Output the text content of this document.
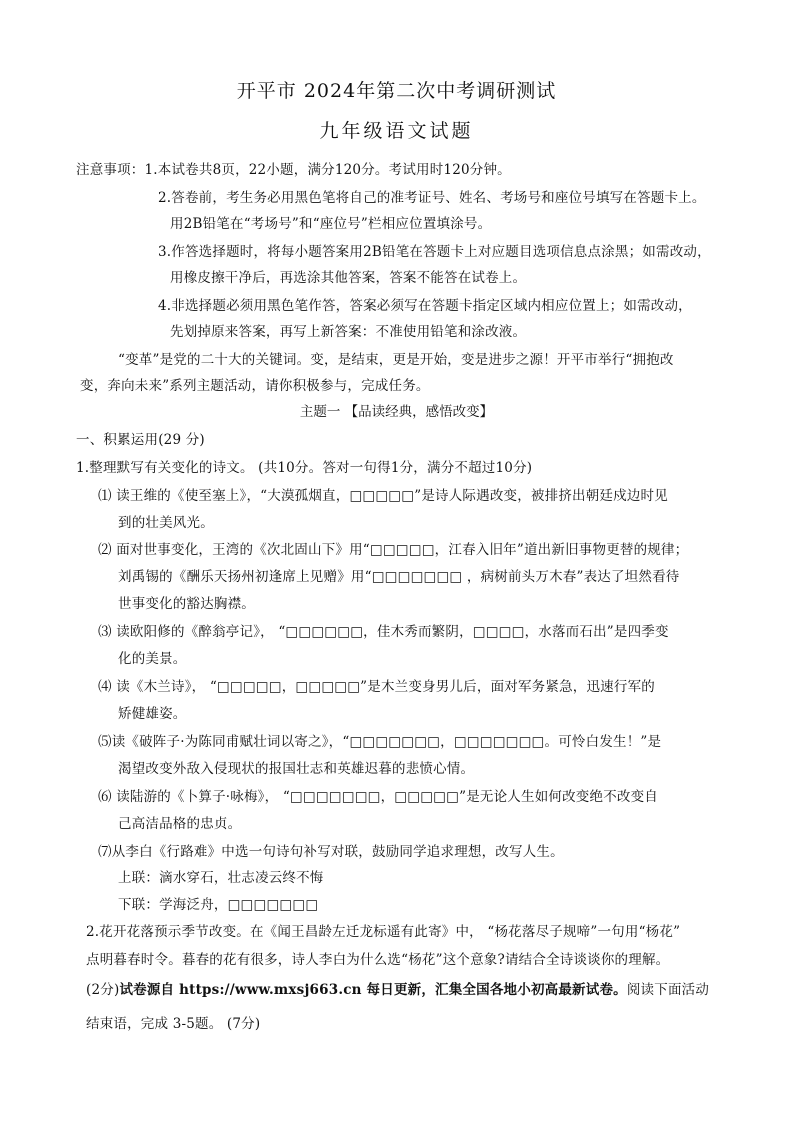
开平市 2024年第二次中考调研测试
九年级语文试题
注意事项：1.本试卷共8页，22小题，满分120分。考试用时120分钟。
2.答卷前，考生务必用黑色笔将自己的准考证号、姓名、考场号和座位号填写在答题卡上。
用2B铅笔在“考场号”和“座位号”栏相应位置填涂号。
3.作答选择题时，将每小题答案用2B铅笔在答题卡上对应题目选项信息点涂黑；如需改动，
用橡皮擦干净后，再选涂其他答案，答案不能答在试卷上。
4.非选择题必须用黑色笔作答，答案必须写在答题卡指定区域内相应位置上；如需改动，
先划掉原来答案，再写上新答案：不准使用铅笔和涂改液。
“变革”是党的二十大的关键词。变，是结束，更是开始，变是进步之源！开平市举行“拥抱改
变，奔向未来”系列主题活动，请你积极参与，完成任务。
主题一 【品读经典，感悟改变】
一、积累运用(29 分)
1.整理默写有关变化的诗文。 (共10分。答对一句得1分，满分不超过10分)
⑴ 读王维的《使至塞上》，“大漠孤烟直，□□□□□”是诗人际遇改变，被排挤出朝廷戍边时见
到的壮美风光。
⑵ 面对世事变化，王湾的《次北固山下》用“□□□□□，江春入旧年”道出新旧事物更替的规律；
刘禹锡的《酬乐天扬州初逢席上见赠》用“□□□□□□□ ，病树前头万木春”表达了坦然看待
世事变化的豁达胸襟。
⑶ 读欧阳修的《醉翁亭记》， “□□□□□□，佳木秀而繁阴，□□□□，水落而石出”是四季变
化的美景。
⑷ 读《木兰诗》， “□□□□□，□□□□□”是木兰变身男儿后，面对军务紧急，迅速行军的
矫健雄姿。
⑸读《破阵子·为陈同甫赋壮词以寄之》，“□□□□□□□，□□□□□□□。可怜白发生！”是
渴望改变外敌入侵现状的报国壮志和英雄迟暮的悲愤心情。
⑹ 读陆游的《卜算子·咏梅》， “□□□□□□□，□□□□□”是无论人生如何改变绝不改变自
己高洁品格的忠贞。
⑺从李白《行路难》中选一句诗句补写对联，鼓励同学追求理想，改写人生。
上联：滴水穿石，壮志凌云终不悔
下联：学海泛舟，□□□□□□□
2.花开花落预示季节改变。在《闻王昌龄左迁龙标遥有此寄》中， “杨花落尽子规啼”一句用“杨花”
点明暮春时令。暮春的花有很多，诗人李白为什么选“杨花”这个意象?请结合全诗谈谈你的理解。
(2分)试卷源自 https://www.mxsj663.cn 每日更新，汇集全国各地小初高最新试卷。阅读下面活动
结束语，完成 3-5题。 (7分)
